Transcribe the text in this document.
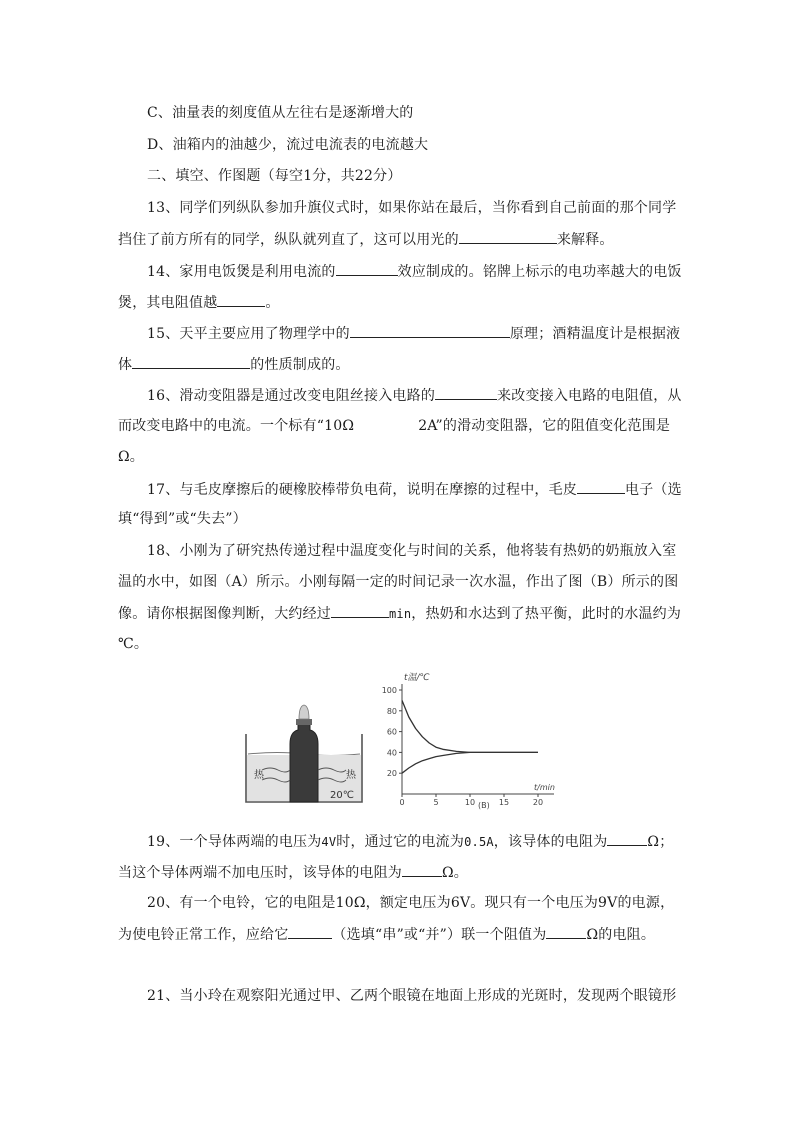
C、油量表的刻度值从左往右是逐渐增大的
D、油箱内的油越少，流过电流表的电流越大
二、填空、作图题（每空1分，共22分）
13、同学们列纵队参加升旗仪式时，如果你站在最后，当你看到自己前面的那个同学
挡住了前方所有的同学，纵队就列直了，这可以用光的	来解释。
14、家用电饭煲是利用电流的	效应制成的。铭牌上标示的电功率越大的电饭
煲，其电阻值越	。
15、天平主要应用了物理学中的	原理；酒精温度计是根据液
体	的性质制成的。
16、滑动变阻器是通过改变电阻丝接入电路的	来改变接入电路的电阻值，从
而改变电路中的电流。一个标有“10Ω	2A”的滑动变阻器，它的阻值变化范围是
Ω。
17、与毛皮摩擦后的硬橡胶棒带负电荷，说明在摩擦的过程中，毛皮	电子（选
填“得到”或“失去”）
18、小刚为了研究热传递过程中温度变化与时间的关系，他将装有热奶的奶瓶放入室
温的水中，如图（A）所示。小刚每隔一定的时间记录一次水温，作出了图（B）所示的图
像。请你根据图像判断，大约经过	min，热奶和水达到了热平衡，此时的水温约为
℃。
热	热
20℃
t温/℃
t/min
(B)
20
40
60
80
100
0	5	10	15	20
19、一个导体两端的电压为4V时，通过它的电流为0.5A，该导体的电阻为	Ω；
当这个导体两端不加电压时，该导体的电阻为	Ω。
20、有一个电铃，它的电阻是10Ω，额定电压为6V。现只有一个电压为9V的电源，
为使电铃正常工作，应给它	（选填“串”或“并”）联一个阻值为	Ω的电阻。
21、当小玲在观察阳光通过甲、乙两个眼镜在地面上形成的光斑时，发现两个眼镜形
